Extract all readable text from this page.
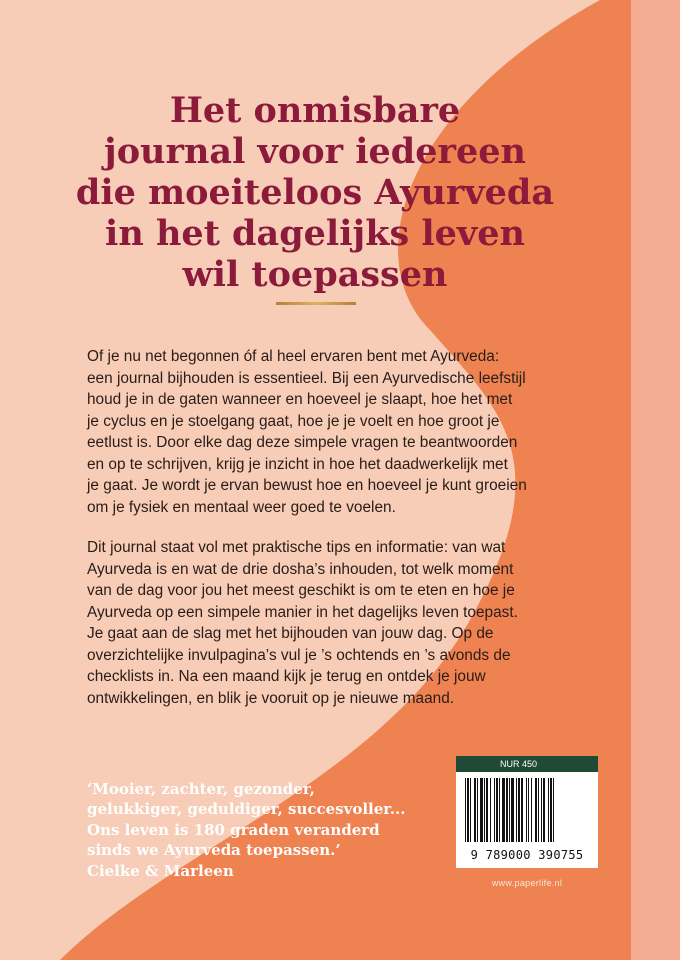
Het onmisbare
journal voor iedereen
die moeiteloos Ayurveda
in het dagelijks leven
wil toepassen
Of je nu net begonnen óf al heel ervaren bent met Ayurveda:
een journal bijhouden is essentieel. Bij een Ayurvedische leefstijl
houd je in de gaten wanneer en hoeveel je slaapt, hoe het met
je cyclus en je stoelgang gaat, hoe je je voelt en hoe groot je
eetlust is. Door elke dag deze simpele vragen te beantwoorden
en op te schrijven, krijg je inzicht in hoe het daadwerkelijk met
je gaat. Je wordt je ervan bewust hoe en hoeveel je kunt groeien
om je fysiek en mentaal weer goed te voelen.
Dit journal staat vol met praktische tips en informatie: van wat
Ayurveda is en wat de drie dosha’s inhouden, tot welk moment
van de dag voor jou het meest geschikt is om te eten en hoe je
Ayurveda op een simpele manier in het dagelijks leven toepast.
Je gaat aan de slag met het bijhouden van jouw dag. Op de
overzichtelijke invulpagina’s vul je ’s ochtends en ’s avonds de
checklists in. Na een maand kijk je terug en ontdek je jouw
ontwikkelingen, en blik je vooruit op je nieuwe maand.
‘Mooier, zachter, gezonder,
gelukkiger, geduldiger, succesvoller...
Ons leven is 180 graden veranderd
sinds we Ayurveda toepassen.’
Cielke & Marleen
NUR 450
9 789000 390755
www.paperlife.nl
